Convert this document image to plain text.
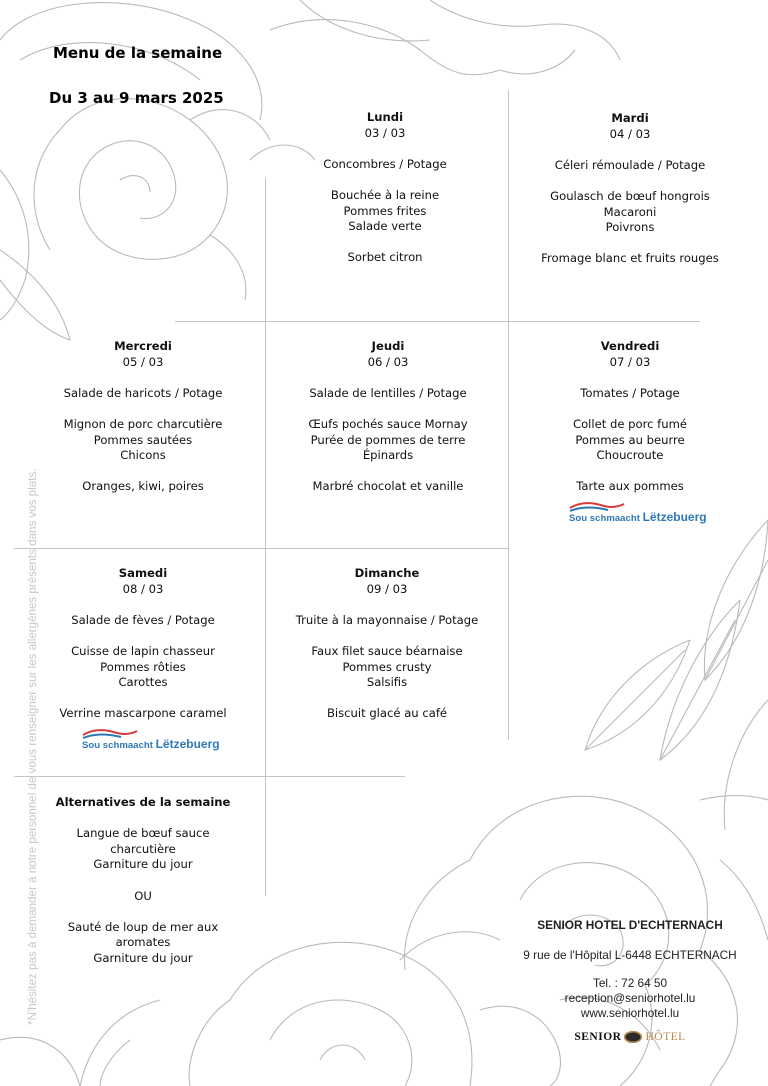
Menu de la semaine
Du 3 au 9 mars 2025
Lundi
03 / 03
Concombres / Potage
Bouchée à la reine
Pommes frites
Salade verte
Sorbet citron
Mardi
04 / 03
Céleri rémoulade / Potage
Goulasch de bœuf hongrois
Macaroni
Poivrons
Fromage blanc et fruits rouges
Mercredi
05 / 03
Salade de haricots / Potage
Mignon de porc charcutière
Pommes sautées
Chicons
Oranges, kiwi, poires
Jeudi
06 / 03
Salade de lentilles / Potage
Œufs pochés sauce Mornay
Purée de pommes de terre
Épinards
Marbré chocolat et vanille
Vendredi
07 / 03
Tomates / Potage
Collet de porc fumé
Pommes au beurre
Choucroute
Tarte aux pommes
Sou schmaacht Lëtzebuerg
Samedi
08 / 03
Salade de fèves / Potage
Cuisse de lapin chasseur
Pommes rôties
Carottes
Verrine mascarpone caramel
Sou schmaacht Lëtzebuerg
Dimanche
09 / 03
Truite à la mayonnaise / Potage
Faux filet sauce béarnaise
Pommes crusty
Salsifis
Biscuit glacé au café
Alternatives de la semaine
Langue de bœuf sauce
charcutière
Garniture du jour
OU
Sauté de loup de mer aux
aromates
Garniture du jour
*N'hésitez pas à demander à notre personnel de vous renseigner sur les allergènes présents dans vos plats.	SENIOR HOTEL D'ECHTERNACH
9 rue de l'Hôpital L-6448 ECHTERNACH
Tel. : 72 64 50
reception@seniorhotel.lu
www.seniorhotel.lu
SENIOR HÔTEL
